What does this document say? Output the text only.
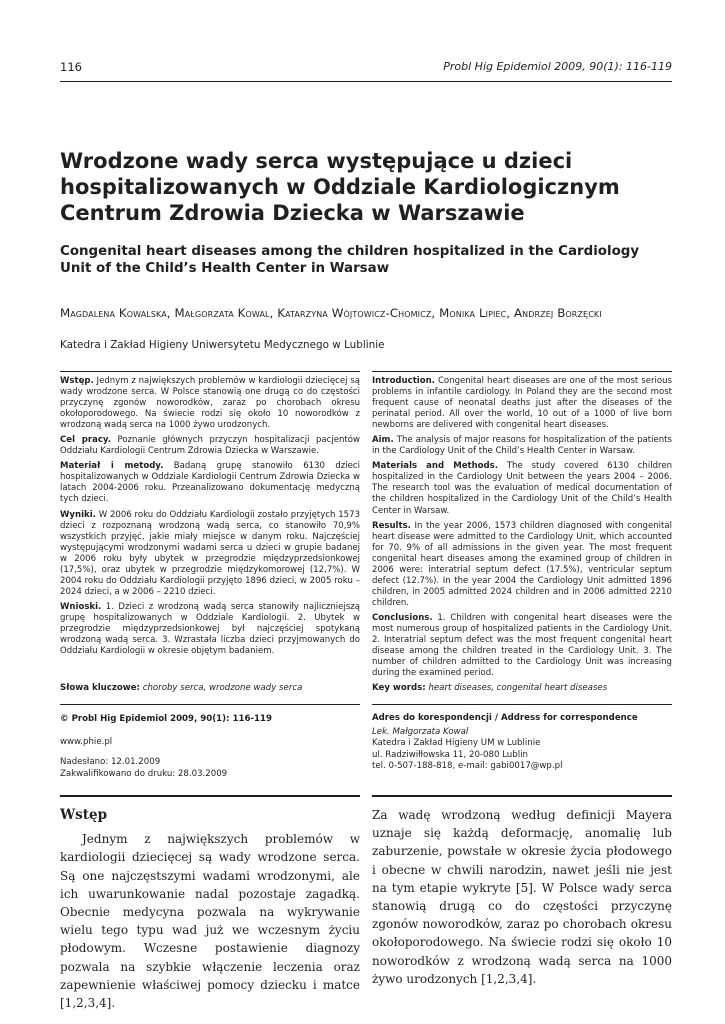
116	Probl Hig Epidemiol 2009, 90(1): 116-119
Wrodzone wady serca występujące u dzieci hospitalizowanych w Oddziale Kardiologicznym Centrum Zdrowia Dziecka w Warszawie
Congenital heart diseases among the children hospitalized in the Cardiology Unit of the Child’s Health Center in Warsaw
Magdalena Kowalska, Małgorzata Kowal, Katarzyna Wójtowicz-Chomicz, Monika Lipiec, Andrzej Borzęcki
Katedra i Zakład Higieny Uniwersytetu Medycznego w Lublinie

Wstęp. Jednym z największych problemów w kardiologii dziecięcej są wady wrodzone serca. W Polsce stanowią one drugą co do częstości przyczynę zgonów noworodków, zaraz po chorobach okresu okołoporodowego. Na świecie rodzi się około 10 noworodków z wrodzoną wadą serca na 1000 żywo urodzonych.

Cel pracy. Poznanie głównych przyczyn hospitalizacji pacjentów Oddziału Kardiologii Centrum Zdrowia Dziecka w Warszawie.

Materiał i metody. Badaną grupę stanowiło 6130 dzieci hospitalizowanych w Oddziale Kardiologii Centrum Zdrowia Dziecka w latach 2004-2006 roku. Przeanalizowano dokumentację medyczną tych dzieci.

Wyniki. W 2006 roku do Oddziału Kardiologii zostało przyjętych 1573 dzieci z rozpoznaną wrodzoną wadą serca, co stanowiło 70,9% wszystkich przyjęć, jakie miały miejsce w danym roku. Najczęściej występującymi wrodzonymi wadami serca u dzieci w grupie badanej w 2006 roku były ubytek w przegrodzie międzyprzedsionkowej (17,5%), oraz ubytek w przegrodzie międzykomorowej (12,7%). W 2004 roku do Oddziału Kardiologii przyjęto 1896 dzieci, w 2005 roku – 2024 dzieci, a w 2006 – 2210 dzieci.

Wnioski. 1. Dzieci z wrodzoną wadą serca stanowiły najliczniejszą grupę hospitalizowanych w Oddziale Kardiologii. 2. Ubytek w przegrodzie międzyprzedsionkowej był najczęściej spotykaną wrodzoną wadą serca. 3. Wzrastała liczba dzieci przyjmowanych do Oddziału Kardiologii w okresie objętym badaniem.

Introduction. Congenital heart diseases are one of the most serious problems in infantile cardiology. In Poland they are the second most frequent cause of neonatal deaths just after the diseases of the perinatal period. All over the world, 10 out of a 1000 of live born newborns are delivered with congenital heart diseases.

Aim. The analysis of major reasons for hospitalization of the patients in the Cardiology Unit of the Child’s Health Center in Warsaw.

Materials and Methods. The study covered 6130 children hospitalized in the Cardiology Unit between the years 2004 – 2006. The research tool was the evaluation of medical documentation of the children hospitalized in the Cardiology Unit of the Child’s Health Center in Warsaw.

Results. In the year 2006, 1573 children diagnosed with congenital heart disease were admitted to the Cardiology Unit, which accounted for 70. 9% of all admissions in the given year. The most frequent congenital heart diseases among the examined group of children in 2006 were: interatrial septum defect (17.5%), ventricular septum defect (12.7%). In the year 2004 the Cardiology Unit admitted 1896 children, in 2005 admitted 2024 children and in 2006 admitted 2210 children.

Conclusions. 1. Children with congenital heart diseases were the most numerous group of hospitalized patients in the Cardiology Unit. 2. Interatrial septum defect was the most frequent congenital heart disease among the children treated in the Cardiology Unit. 3. The number of children admitted to the Cardiology Unit was increasing during the examined period.

Słowa kluczowe: choroby serca, wrodzone wady serca	Key words: heart diseases, congenital heart diseases
© Probl Hig Epidemiol 2009, 90(1): 116-119
www.phie.pl
Nadesłano: 12.01.2009
Zakwalifikowano do druku: 28.03.2009
Adres do korespondencji / Address for correspondence
Lek. Małgorzata Kowal
Katedra i Zakład Higieny UM w Lublinie
ul. Radziwiłłowska 11, 20-080 Lublin
tel. 0-507-188-818, e-mail: gabi0017@wp.pl
Wstęp

Jednym z największych problemów w kardiologii dziecięcej są wady wrodzone serca. Są one najczęstszymi wadami wrodzonymi, ale ich uwarunkowanie nadal pozostaje zagadką. Obecnie medycyna pozwala na wykrywanie wielu tego typu wad już we wczesnym życiu płodowym. Wczesne postawienie diagnozy pozwala na szybkie włączenie leczenia oraz zapewnienie właściwej pomocy dziecku i matce [1,2,3,4].

Za wadę wrodzoną według definicji Mayera uznaje się każdą deformację, anomalię lub zaburzenie, powstałe w okresie życia płodowego i obecne w chwili narodzin, nawet jeśli nie jest na tym etapie wykryte [5]. W Polsce wady serca stanowią drugą co do częstości przyczynę zgonów noworodków, zaraz po chorobach okresu okołoporodowego. Na świecie rodzi się około 10 noworodków z wrodzoną wadą serca na 1000 żywo urodzonych [1,2,3,4].
